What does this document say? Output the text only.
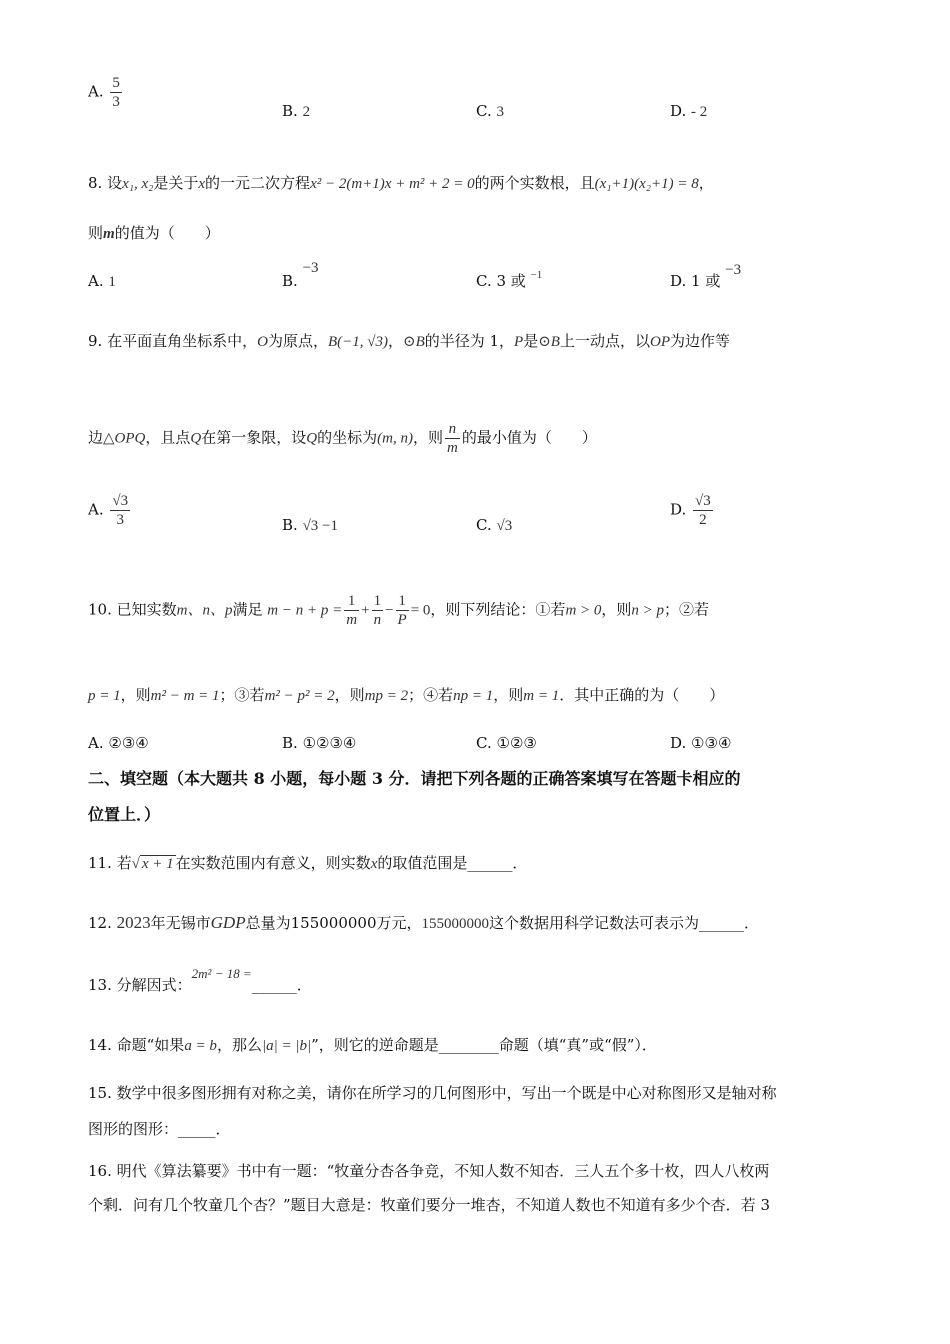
A. $\frac{5}{3}$	B. 2	C. 3	D. - 2
8. 设x₁, x₂是关于x的一元二次方程x² − 2(m+1)x + m² + 2 = 0的两个实数根，且(x₁+1)(x₂+1) = 8，
则m的值为（　　）
A. 1	B. −3
C. 3 或 $^{-1}$	D. 1 或 −3
9. 在平面直角坐标系中，O为原点，B(−1, √3)，⊙B的半径为 1，P是⊙B上一动点，以OP为边作等
边△OPQ，且点Q在第一象限，设Q的坐标为(m, n)，则 $\frac{n}{m}$ 的最小值为（　　）
A. $\frac{√3}{3}$	B. √3 −1	C. √3
D. $\frac{√3}{2}$
10. 已知实数m、n、p满足 $m - n + p = \frac{1}{m} + \frac{1}{n} - \frac{1}{P} = 0$，则下列结论：①若m > 0，则n > p；②若
p = 1，则m² − m = 1；③若m² − p² = 2，则mp = 2；④若np = 1，则m = 1．其中正确的为（　　）
A. ②③④	B. ①②③④	C. ①②③	D. ①③④
二、填空题（本大题共 8 小题，每小题 3 分．请把下列各题的正确答案填写在答题卡相应的
位置上．）
11. 若√ x + 1 在实数范围内有意义，则实数x的取值范围是______．
12. 2023年无锡市GDP总量为155000000万元，155000000这个数据用科学记数法可表示为______．
13. 分解因式：2m² − 18 =______．
14. 命题“如果a = b，那么|a| = |b|”，则它的逆命题是________命题（填“真”或“假”）．
15. 数学中很多图形拥有对称之美，请你在所学习的几何图形中，写出一个既是中心对称图形又是轴对称
图形的图形：_____．
16. 明代《算法纂要》书中有一题：“牧童分杏各争竞，不知人数不知杏．三人五个多十枚，四人八枚两
个剩．问有几个牧童几个杏？”题目大意是：牧童们要分一堆杏，不知道人数也不知道有多少个杏．若 3
